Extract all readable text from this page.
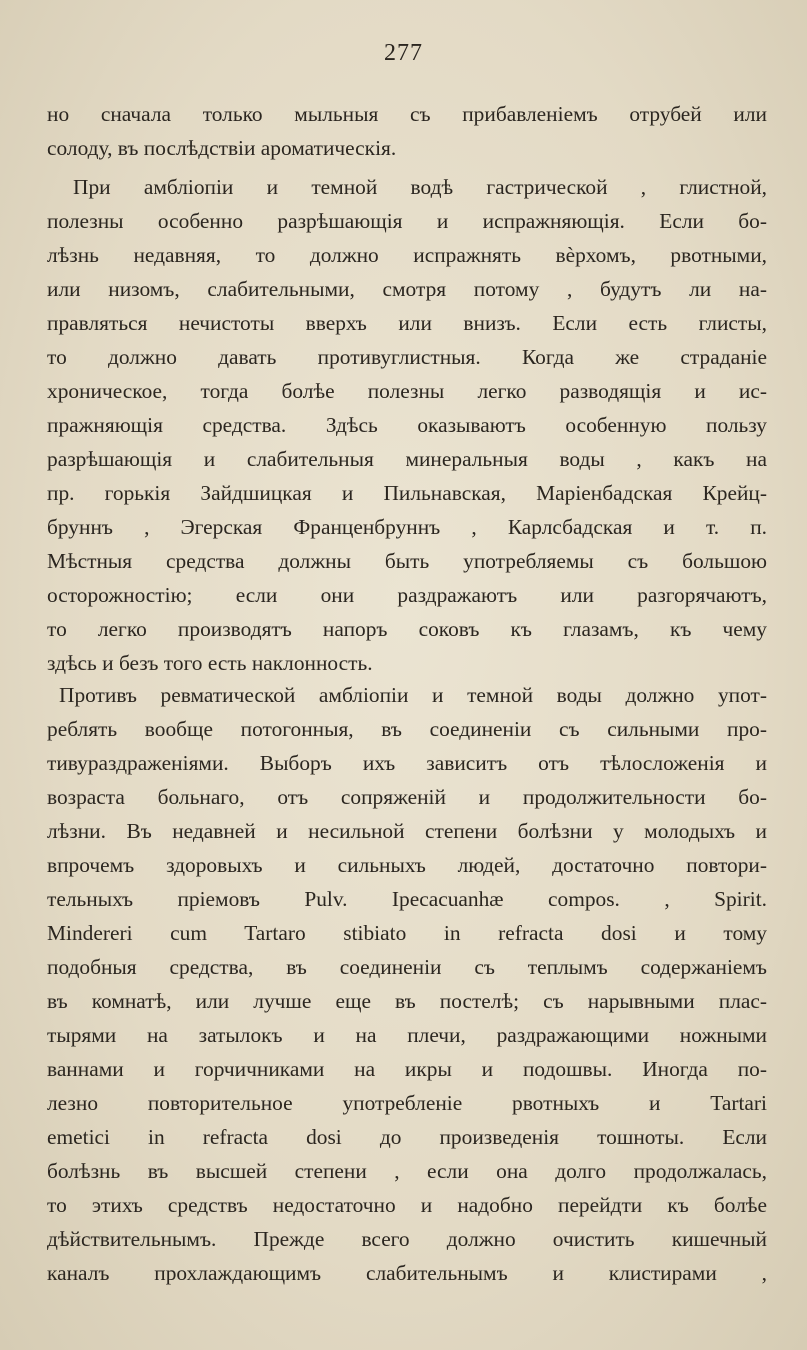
277

но сначала только мыльныя съ прибавленіемъ отрубей или
солоду, въ послѣдствіи ароматическія.
При амблiопіи и темной водѣ гастрической , глистной,
полезны особенно разрѣшающія и испражняющія. Если бо-
лѣзнь недавняя, то должно испражнять вѐрхомъ, рвотными,
или низомъ, слабительными, смотря потому , будутъ ли на-
правляться нечистоты вверхъ или внизъ. Если есть глисты,
то должно давать противуглистныя. Когда же страданіе
хроническое, тогда болѣе полезны легко разводящія и ис-
пражняющія средства. Здѣсь оказываютъ особенную пользу
разрѣшающія и слабительныя минеральныя воды , какъ на
пр. горькія Зайдшицкая и Пильнавская, Маріенбадская Крейц-
бруннъ , Эгерская Франценбруннъ , Карлсбадская и т. п.
Мѣстныя средства должны быть употребляемы съ большою
осторожностію; если они раздражаютъ или разгорячаютъ,
то легко производятъ напоръ соковъ къ глазамъ, къ чему
здѣсь и безъ того есть наклонность.
Противъ ревматической амблiопіи и темной воды должно упот-
реблять вообще потогонныя, въ соединеніи съ сильными про-
тивураздраженіями. Выборъ ихъ зависитъ отъ тѣлосложенія и
возраста больнаго, отъ сопряженій и продолжительности бо-
лѣзни. Въ недавней и несильной степени болѣзни у молодыхъ и
впрочемъ здоровыхъ и сильныхъ людей, достаточно повтори-
тельныхъ пріемовъ Pulv. Ipecacuanhæ compos. , Spirit.
Mindereri cum Tartaro stibiato in refracta dosi и тому
подобныя средства, въ соединеніи съ теплымъ содержаніемъ
въ комнатѣ, или лучше еще въ постелѣ; съ нарывными плас-
тырями на затылокъ и на плечи, раздражающими ножными
ваннами и горчичниками на икры и подошвы. Иногда по-
лезно повторительное употребленіе рвотныхъ и Tartari
emetici in refracta dosi до произведенія тошноты. Если
болѣзнь въ высшей степени , если она долго продолжалась,
то этихъ средствъ недостаточно и надобно перейдти къ болѣе
дѣйствительнымъ. Прежде всего должно очистить кишечный
каналъ прохлаждающимъ слабительнымъ и клистирами ,
